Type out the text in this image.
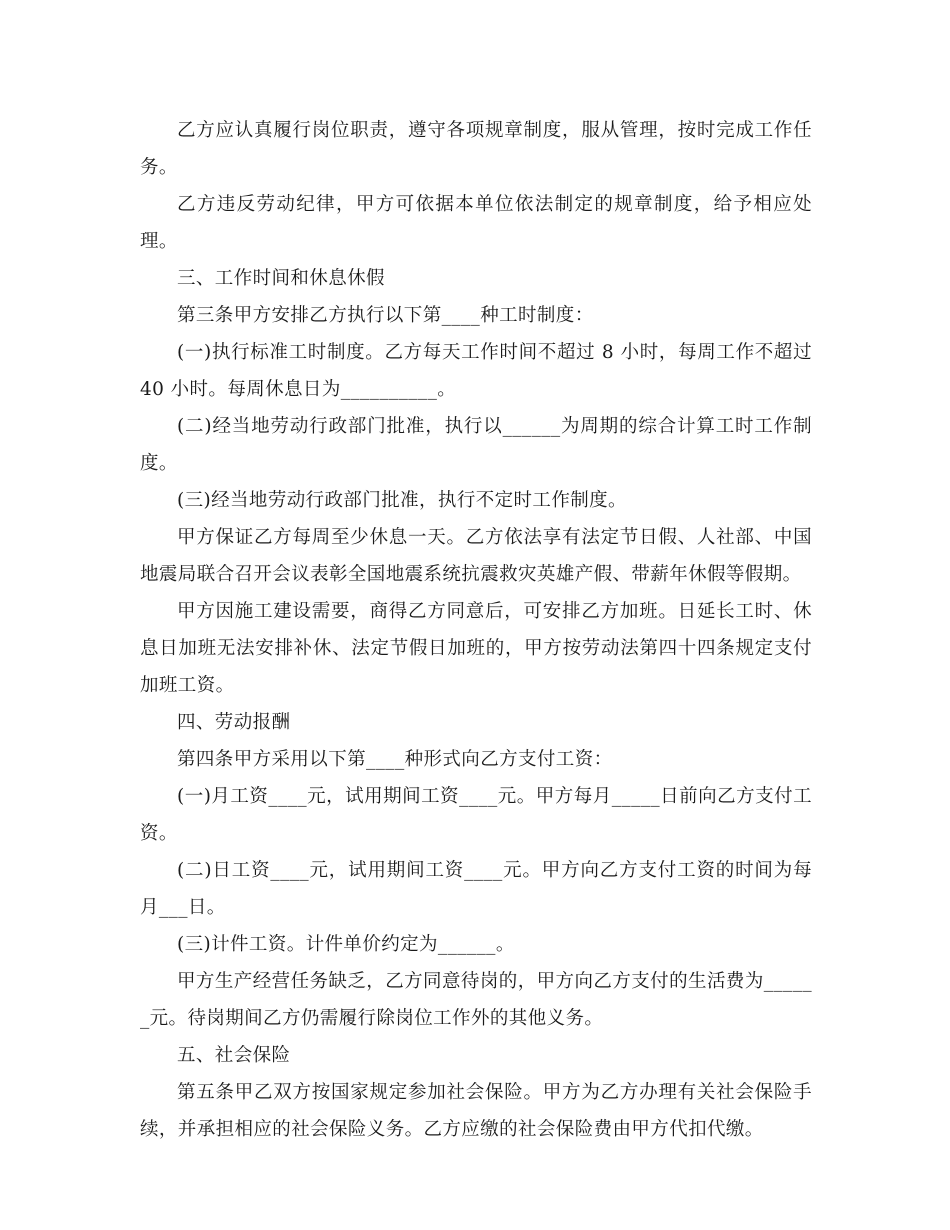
乙方应认真履行岗位职责，遵守各项规章制度，服从管理，按时完成工作任务。

乙方违反劳动纪律，甲方可依据本单位依法制定的规章制度，给予相应处理。

三、工作时间和休息休假

第三条甲方安排乙方执行以下第____种工时制度：

(一)执行标准工时制度。乙方每天工作时间不超过 8 小时，每周工作不超过 40 小时。每周休息日为__________。

(二)经当地劳动行政部门批准，执行以______为周期的综合计算工时工作制度。

(三)经当地劳动行政部门批准，执行不定时工作制度。

甲方保证乙方每周至少休息一天。乙方依法享有法定节日假、人社部、中国地震局联合召开会议表彰全国地震系统抗震救灾英雄产假、带薪年休假等假期。

甲方因施工建设需要，商得乙方同意后，可安排乙方加班。日延长工时、休息日加班无法安排补休、法定节假日加班的，甲方按劳动法第四十四条规定支付加班工资。

四、劳动报酬

第四条甲方采用以下第____种形式向乙方支付工资：

(一)月工资____元，试用期间工资____元。甲方每月_____日前向乙方支付工资。

(二)日工资____元，试用期间工资____元。甲方向乙方支付工资的时间为每月___日。

(三)计件工资。计件单价约定为______。

甲方生产经营任务缺乏，乙方同意待岗的，甲方向乙方支付的生活费为______元。待岗期间乙方仍需履行除岗位工作外的其他义务。

五、社会保险

第五条甲乙双方按国家规定参加社会保险。甲方为乙方办理有关社会保险手续，并承担相应的社会保险义务。乙方应缴的社会保险费由甲方代扣代缴。
